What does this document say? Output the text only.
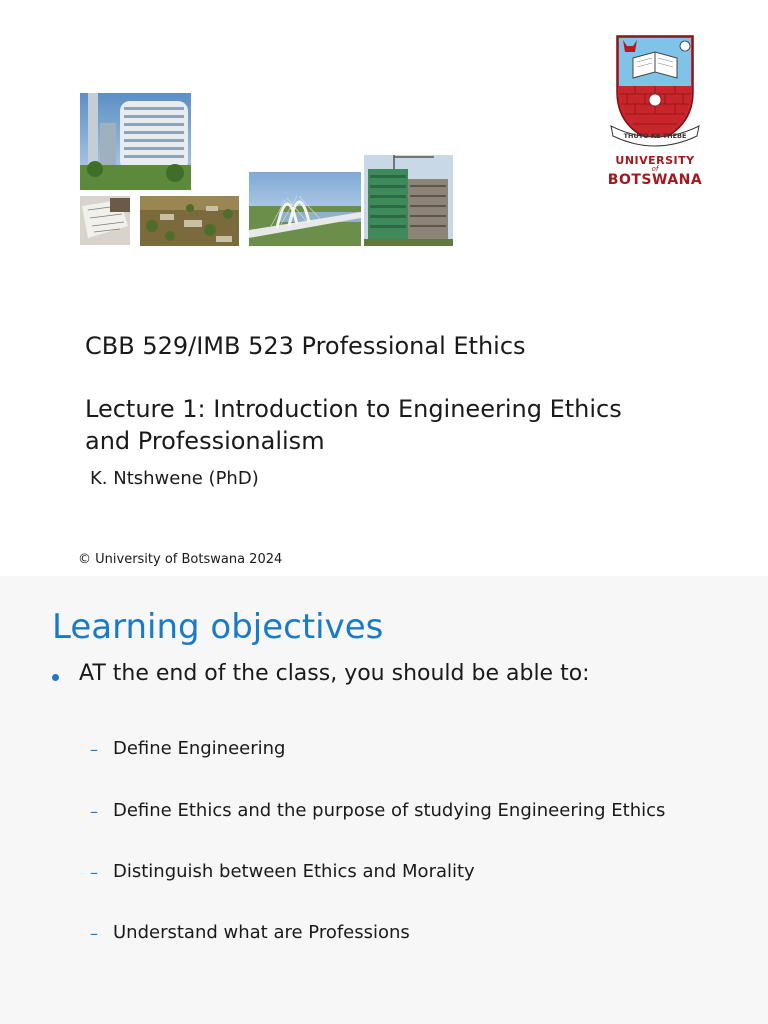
THUTO KE THEBE
UNIVERSITY
of
BOTSWANA
CBB 529/IMB 523 Professional Ethics
Lecture 1: Introduction to Engineering Ethics
and Professionalism
K. Ntshwene (PhD)
© University of Botswana 2024
Learning objectives
AT the end of the class, you should be able to:
– Define Engineering
– Define Ethics and the purpose of studying Engineering Ethics
– Distinguish between Ethics and Morality
– Understand what are Professions
